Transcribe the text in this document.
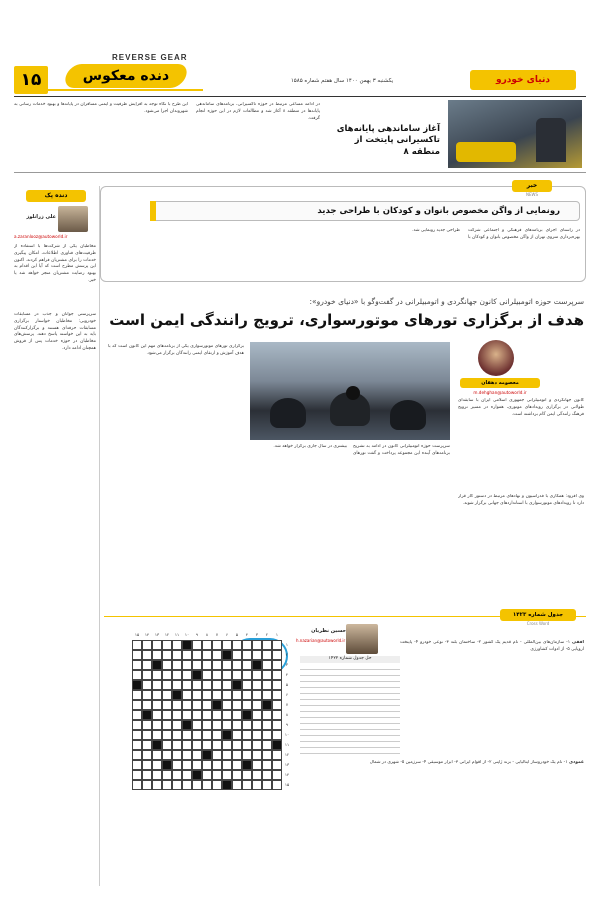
REVERSE GEAR
دنده معکوس
۱۵	یکشنبه ۳ بهمن ۱۴۰۰ سال هفتم شماره ۱۵۸۵	دنیای خودرو
آغاز ساماندهی پایانه‌های تاکسیرانی پایتخت از منطقه ۸
در ادامه مساعی مرتبط در حوزه تاکسیرانی، برنامه‌های ساماندهی پایانه‌ها در منطقه ۸ آغاز شد و مطالعات لازم در این حوزه انجام گرفت.
این طرح با نگاه توجه به افزایش ظرفیت و ایمنی مسافران در پایانه‌ها و بهبود خدمات رسانی به شهروندان اجرا می‌شود.
خبر
NEWS
رونمایی از واگن مخصوص بانوان و کودکان با طراحی جدید
در راستای اجرای برنامه‌های فرهنگی و اجتماعی شرکت بهره‌برداری متروی تهران از واگن مخصوص بانوان و کودکان با طراحی جدید رونمایی شد.
دنده پک
علی زرانلوز
a.zaranlooz@autoworld.ir
مخاطبان یکی از شرکت‌ها با استفاده از ظرفیت‌های فناوری اطلاعات، امکان پیگیری خدمات را برای مشتریان فراهم کردند. اکنون این پرسش مطرح است که آیا این اقدام به بهبود رضایت مشتریان منجر خواهد شد یا خیر.
سرپرستی جوانان و جذب در مسابقات خودرویی: مخاطبان خواستار برگزاری مسابقات حرفه‌ای هستند و برگزارکنندگان باید به این خواسته پاسخ دهند. پرسش‌های مخاطبان در حوزه خدمات پس از فروش همچنان ادامه دارد.
سرپرست حوزه اتومبیلرانی کانون جهانگردی و اتومبیلرانی در گفت‌وگو با «دنیای خودرو»:
هدف از برگزاری تورهای موتورسواری، ترویج رانندگی ایمن است
معصومه دهقان
m.dehghan@autoworld.ir
کانون جهانگردی و اتومبیلرانی جمهوری اسلامی ایران با سابقه‌ای طولانی در برگزاری رویدادهای موتوری، همواره در مسیر ترویج فرهنگ رانندگی ایمن گام برداشته است.
برگزاری تورهای موتورسواری یکی از برنامه‌های مهم این کانون است که با هدف آموزش و ارتقای ایمنی رانندگان برگزار می‌شود.
سرپرست حوزه اتومبیلرانی کانون در ادامه به تشریح برنامه‌های آینده این مجموعه پرداخت و گفت تورهای بیشتری در سال جاری برگزار خواهد شد.
وی افزود: همکاری با فدراسیون و نهادهای مرتبط در دستور کار قرار دارد تا رویدادهای موتورسواری با استانداردهای جهانی برگزار شوند.
جدول شماره ۱۴۲۳
Cross Word
حسین نظریان
h.nazarian@autoworld.ir
حل جدول شماره ۱۴۲۲
۱۵	۱۴	۱۳	۱۲	۱۱	۱۰	۹	۸	۷	۶	۵	۴	۳	۲	۱
۱
۲
۳
۴
۵
۶
۷
۸
۹
۱۰
۱۱
۱۲
۱۳
۱۴
۱۵
افقی ۱- سازمان‌های بین‌المللی - نام قدیم یک کشور ۲- ساختمان بلند ۳- نوعی خودرو ۴- پایتخت اروپایی ۵- از ادوات کشاورزی
عمودی ۱- نام یک خودروساز ایتالیایی - برند ژاپنی ۲- از اقوام ایرانی ۳- ابزار موسیقی ۴- سرزمین ۵- شهری در شمال
